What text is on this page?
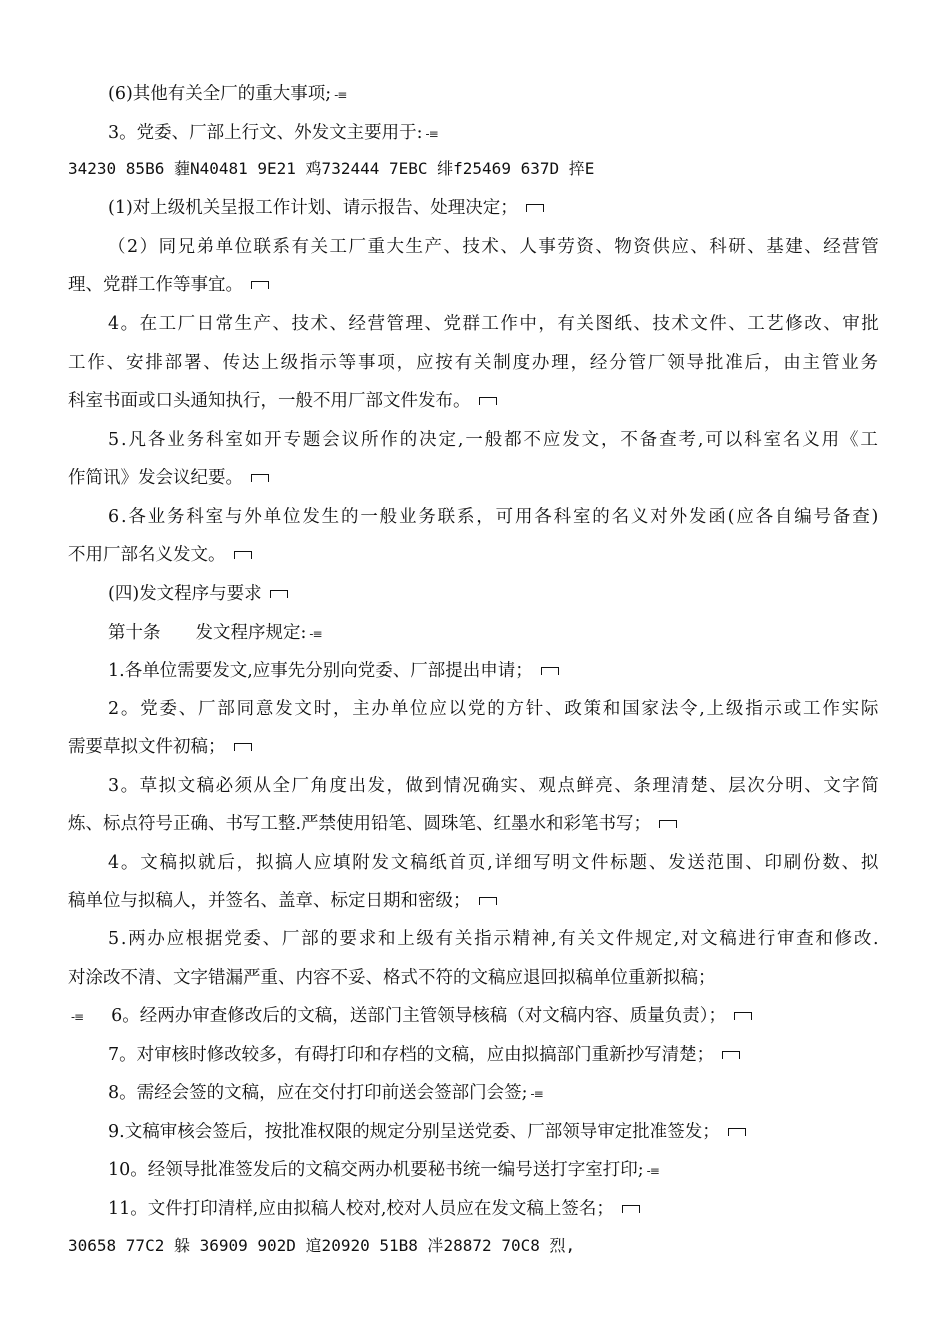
(6)其他有关全厂的重大事项; -≡
3。党委、厂部上行文、外发文主要用于: -≡
34230 85B6 薶N40481 9E21 鸡732444 7EBC 绯f25469 637D 捽E
(1)对上级机关呈报工作计划、请示报告、处理决定；
（2）同兄弟单位联系有关工厂重大生产、技术、人事劳资、物资供应、科研、基建、经营管
理、党群工作等事宜。
4。在工厂日常生产、技术、经营管理、党群工作中，有关图纸、技术文件、工艺修改、审批
工作、安排部署、传达上级指示等事项，应按有关制度办理，经分管厂领导批准后，由主管业务
科室书面或口头通知执行，一般不用厂部文件发布。
5.凡各业务科室如开专题会议所作的决定,一般都不应发文，不备查考,可以科室名义用《工
作简讯》发会议纪要。
6.各业务科室与外单位发生的一般业务联系，可用各科室的名义对外发函(应各自编号备查)
不用厂部名义发文。
(四)发文程序与要求
第十条　　发文程序规定: -≡
1.各单位需要发文,应事先分别向党委、厂部提出申请；
2。党委、厂部同意发文时，主办单位应以党的方针、政策和国家法令,上级指示或工作实际
需要草拟文件初稿；
3。草拟文稿必须从全厂角度出发，做到情况确实、观点鲜亮、条理清楚、层次分明、文字简
炼、标点符号正确、书写工整.严禁使用铅笔、圆珠笔、红墨水和彩笔书写；
4。文稿拟就后，拟搞人应填附发文稿纸首页,详细写明文件标题、发送范围、印刷份数、拟
稿单位与拟稿人，并签名、盖章、标定日期和密级；
5.两办应根据党委、厂部的要求和上级有关指示精神,有关文件规定,对文稿进行审查和修改.
对涂改不清、文字错漏严重、内容不妥、格式不符的文稿应退回拟稿单位重新拟稿；
-≡ 6。经两办审查修改后的文稿，送部门主管领导核稿（对文稿内容、质量负责）；
7。对审核时修改较多，有碍打印和存档的文稿，应由拟搞部门重新抄写清楚；
8。需经会签的文稿，应在交付打印前送会签部门会签; -≡
9.文稿审核会签后，按批准权限的规定分别呈送党委、厂部领导审定批准签发；
10。经领导批准签发后的文稿交两办机要秘书统一编号送打字室打印; -≡
11。文件打印清样,应由拟稿人校对,校对人员应在发文稿上签名；
30658 77C2 躲 36909 902D 逭20920 51B8 冸28872 70C8 烈,
